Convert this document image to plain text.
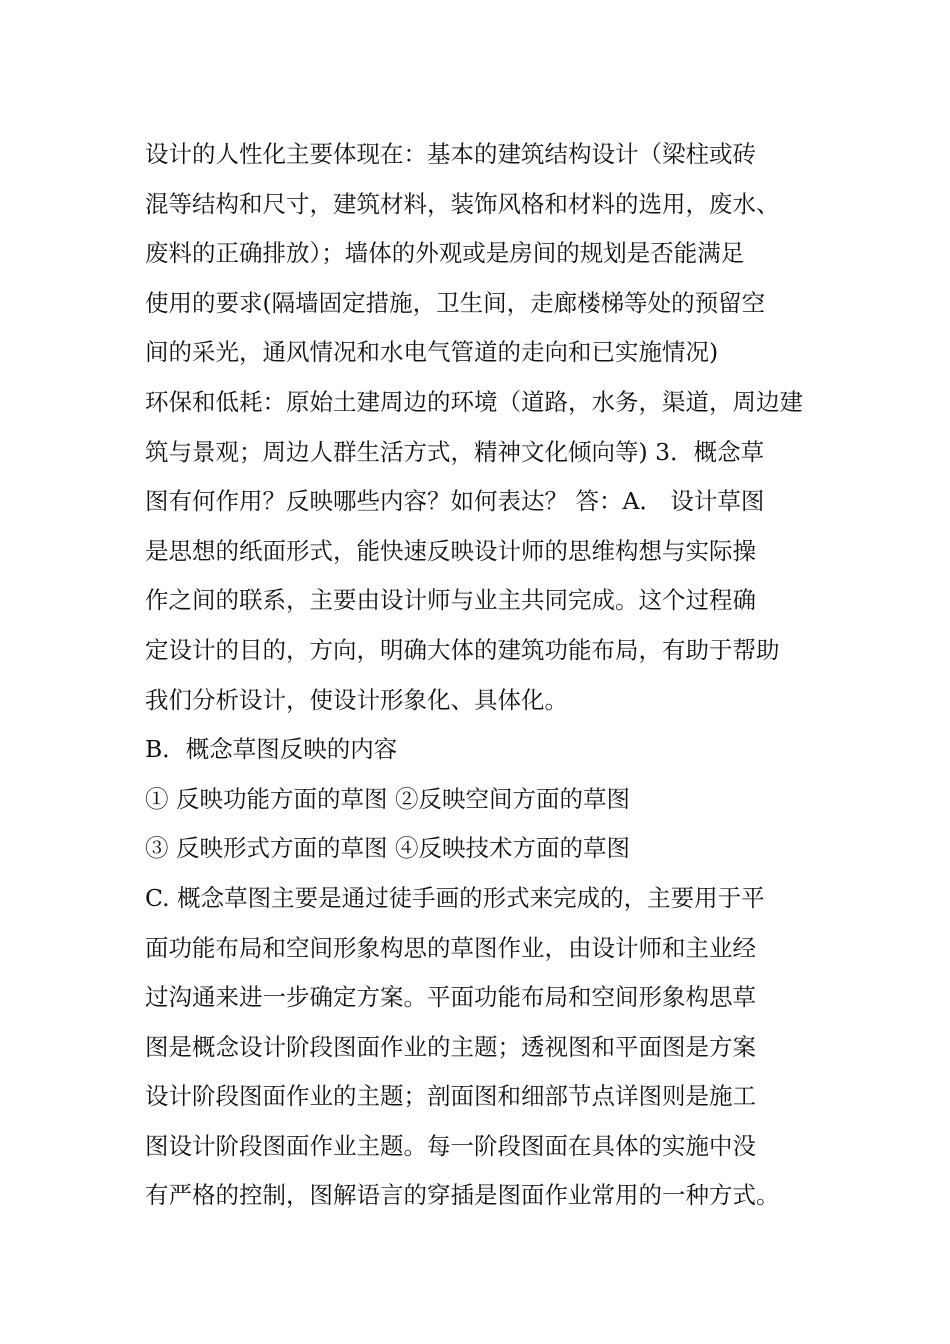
设计的人性化主要体现在：基本的建筑结构设计（梁柱或砖
混等结构和尺寸，建筑材料，装饰风格和材料的选用，废水、
废料的正确排放）；墙体的外观或是房间的规划是否能满足
使用的要求(隔墙固定措施，卫生间，走廊楼梯等处的预留空
间的采光，通风情况和水电气管道的走向和已实施情况)
环保和低耗：原始土建周边的环境（道路，水务，渠道，周边建
筑与景观；周边人群生活方式，精神文化倾向等) 3．概念草
图有何作用？反映哪些内容？如何表达？ 答：A． 设计草图
是思想的纸面形式，能快速反映设计师的思维构想与实际操
作之间的联系，主要由设计师与业主共同完成。这个过程确
定设计的目的，方向，明确大体的建筑功能布局，有助于帮助
我们分析设计，使设计形象化、具体化。
B．概念草图反映的内容
① 反映功能方面的草图 ②反映空间方面的草图
③ 反映形式方面的草图 ④反映技术方面的草图
C. 概念草图主要是通过徒手画的形式来完成的，主要用于平
面功能布局和空间形象构思的草图作业，由设计师和主业经
过沟通来进一步确定方案。平面功能布局和空间形象构思草
图是概念设计阶段图面作业的主题；透视图和平面图是方案
设计阶段图面作业的主题；剖面图和细部节点详图则是施工
图设计阶段图面作业主题。每一阶段图面在具体的实施中没
有严格的控制，图解语言的穿插是图面作业常用的一种方式。
